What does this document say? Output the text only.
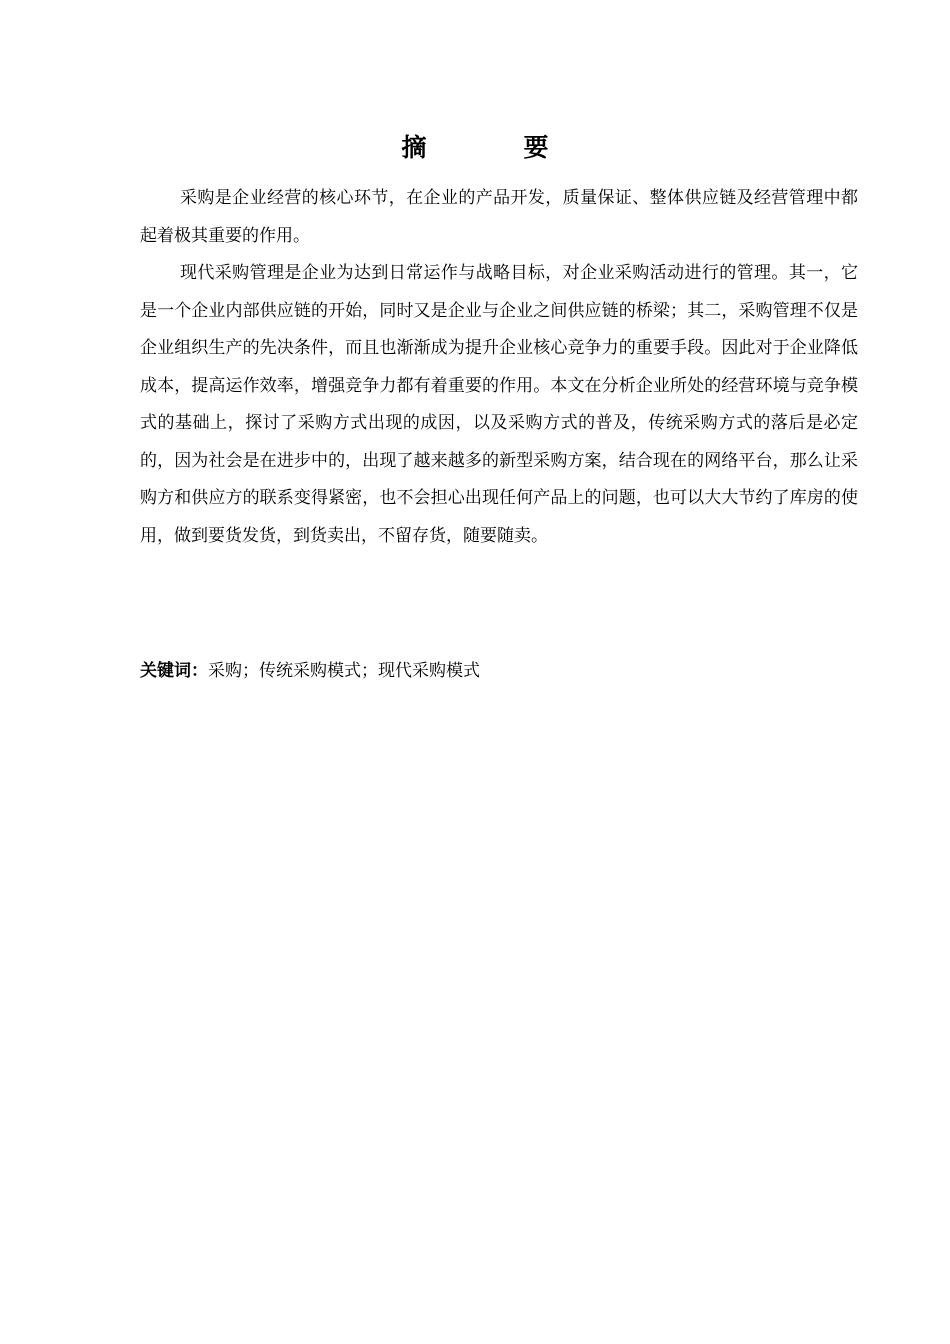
摘　要

采购是企业经营的核心环节，在企业的产品开发，质量保证、整体供应链及经营管理中都起着极其重要的作用。

现代采购管理是企业为达到日常运作与战略目标，对企业采购活动进行的管理。其一，它是一个企业内部供应链的开始，同时又是企业与企业之间供应链的桥梁；其二，采购管理不仅是企业组织生产的先决条件，而且也渐渐成为提升企业核心竞争力的重要手段。因此对于企业降低成本，提高运作效率，增强竞争力都有着重要的作用。本文在分析企业所处的经营环境与竞争模式的基础上，探讨了采购方式出现的成因，以及采购方式的普及，传统采购方式的落后是必定的，因为社会是在进步中的，出现了越来越多的新型采购方案，结合现在的网络平台，那么让采购方和供应方的联系变得紧密，也不会担心出现任何产品上的问题，也可以大大节约了库房的使用，做到要货发货，到货卖出，不留存货，随要随卖。

关键词：采购；传统采购模式；现代采购模式
